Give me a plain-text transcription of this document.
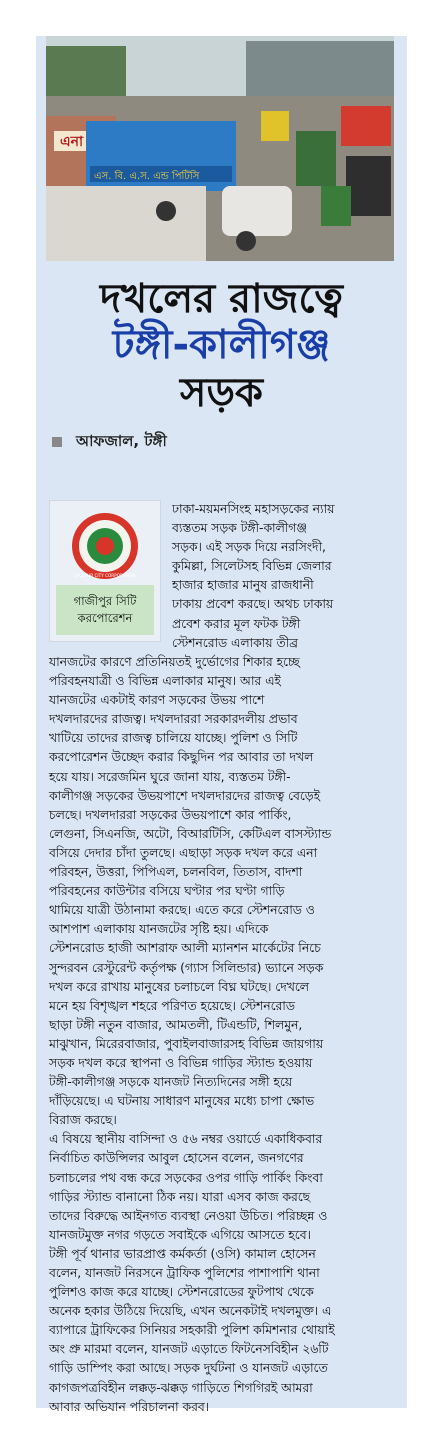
এনা
এস. বি. এ.স. এন্ড পিটিসি
দখলের রাজত্বে
টঙ্গী-কালীগঞ্জ
সড়ক
আফজাল, টঙ্গী
GAZIPUR CITY CORPORATION
গাজীপুর সিটি করপোরেশন

ঢাকা-ময়মনসিংহ মহাসড়কের ন্যায়

ব্যস্ততম সড়ক টঙ্গী-কালীগঞ্জ

সড়ক। এই সড়ক দিয়ে নরসিংদী,

কুমিল্লা, সিলেটসহ বিভিন্ন জেলার

হাজার হাজার মানুষ রাজধানী

ঢাকায় প্রবেশ করছে। অথচ ঢাকায়

প্রবেশ করার মূল ফটক টঙ্গী

স্টেশনরোড এলাকায় তীব্র

যানজটের কারণে প্রতিনিয়তই দুর্ভোগের শিকার হচ্ছে

পরিবহনযাত্রী ও বিভিন্ন এলাকার মানুষ। আর এই

যানজটের একটাই কারণ সড়কের উভয় পাশে

দখলদারদের রাজত্ব। দখলদাররা সরকারদলীয় প্রভাব

খাটিয়ে তাদের রাজত্ব চালিয়ে যাচ্ছে। পুলিশ ও সিটি

করপোরেশন উচ্ছেদ করার কিছুদিন পর আবার তা দখল

হয়ে যায়। সরেজমিন ঘুরে জানা যায়, ব্যস্ততম টঙ্গী-

কালীগঞ্জ সড়কের উভয়পাশে দখলদারদের রাজত্ব বেড়েই

চলছে। দখলদাররা সড়কের উভয়পাশে কার পার্কিং,

লেগুনা, সিএনজি, অটো, বিআরটিসি, কেটিএল বাসস্ট্যান্ড

বসিয়ে দেদার চাঁদা তুলছে। এছাড়া সড়ক দখল করে এনা

পরিবহন, উত্তরা, পিপিএল, চলনবিল, তিতাস, বাদশা

পরিবহনের কাউন্টার বসিয়ে ঘণ্টার পর ঘণ্টা গাড়ি

থামিয়ে যাত্রী উঠানামা করছে। এতে করে স্টেশনরোড ও

আশপাশ এলাকায় যানজটের সৃষ্টি হয়। এদিকে

স্টেশনরোড হাজী আশরাফ আলী ম্যানশন মার্কেটের নিচে

সুন্দরবন রেস্টুরেন্ট কর্তৃপক্ষ (গ্যাস সিলিন্ডার) ভ্যানে সড়ক

দখল করে রাখায় মানুষের চলাচলে বিঘ্ন ঘটছে। দেখলে

মনে হয় বিশৃঙ্খল শহরে পরিণত হয়েছে। স্টেশনরোড

ছাড়া টঙ্গী নতুন বাজার, আমতলী, টিএন্ডটি, শিলমুন,

মাঝুখান, মিরেরবাজার, পুবাইলবাজারসহ বিভিন্ন জায়গায়

সড়ক দখল করে স্থাপনা ও বিভিন্ন গাড়ির স্ট্যান্ড হওয়ায়

টঙ্গী-কালীগঞ্জ সড়কে যানজট নিত্যদিনের সঙ্গী হয়ে

দাঁড়িয়েছে। এ ঘটনায় সাধারণ মানুষের মধ্যে চাপা ক্ষোভ

বিরাজ করছে।

এ বিষয়ে স্থানীয় বাসিন্দা ও ৫৬ নম্বর ওয়ার্ডে একাধিকবার

নির্বাচিত কাউন্সিলর আবুল হোসেন বলেন, জনগণের

চলাচলের পথ বন্ধ করে সড়কের ওপর গাড়ি পার্কিং কিংবা

গাড়ির স্ট্যান্ড বানানো ঠিক নয়। যারা এসব কাজ করছে

তাদের বিরুদ্ধে আইনগত ব্যবস্থা নেওয়া উচিত। পরিচ্ছন্ন ও

যানজটমুক্ত নগর গড়তে সবাইকে এগিয়ে আসতে হবে।

টঙ্গী পূর্ব থানার ভারপ্রাপ্ত কর্মকর্তা (ওসি) কামাল হোসেন

বলেন, যানজট নিরসনে ট্রাফিক পুলিশের পাশাপাশি থানা

পুলিশও কাজ করে যাচ্ছে। স্টেশনরোডের ফুটপাথ থেকে

অনেক হকার উঠিয়ে দিয়েছি, এখন অনেকটাই দখলমুক্ত। এ

ব্যাপারে ট্রাফিকের সিনিয়র সহকারী পুলিশ কমিশনার থোয়াই

অং প্রু মারমা বলেন, যানজট এড়াতে ফিটনেসবিহীন ২৬টি

গাড়ি ডাম্পিং করা আছে। সড়ক দুর্ঘটনা ও যানজট এড়াতে

কাগজপত্রবিহীন লক্কড়-ঝক্কড় গাড়িতে শিগগিরই আমরা

আবার অভিযান পরিচালনা করব।
